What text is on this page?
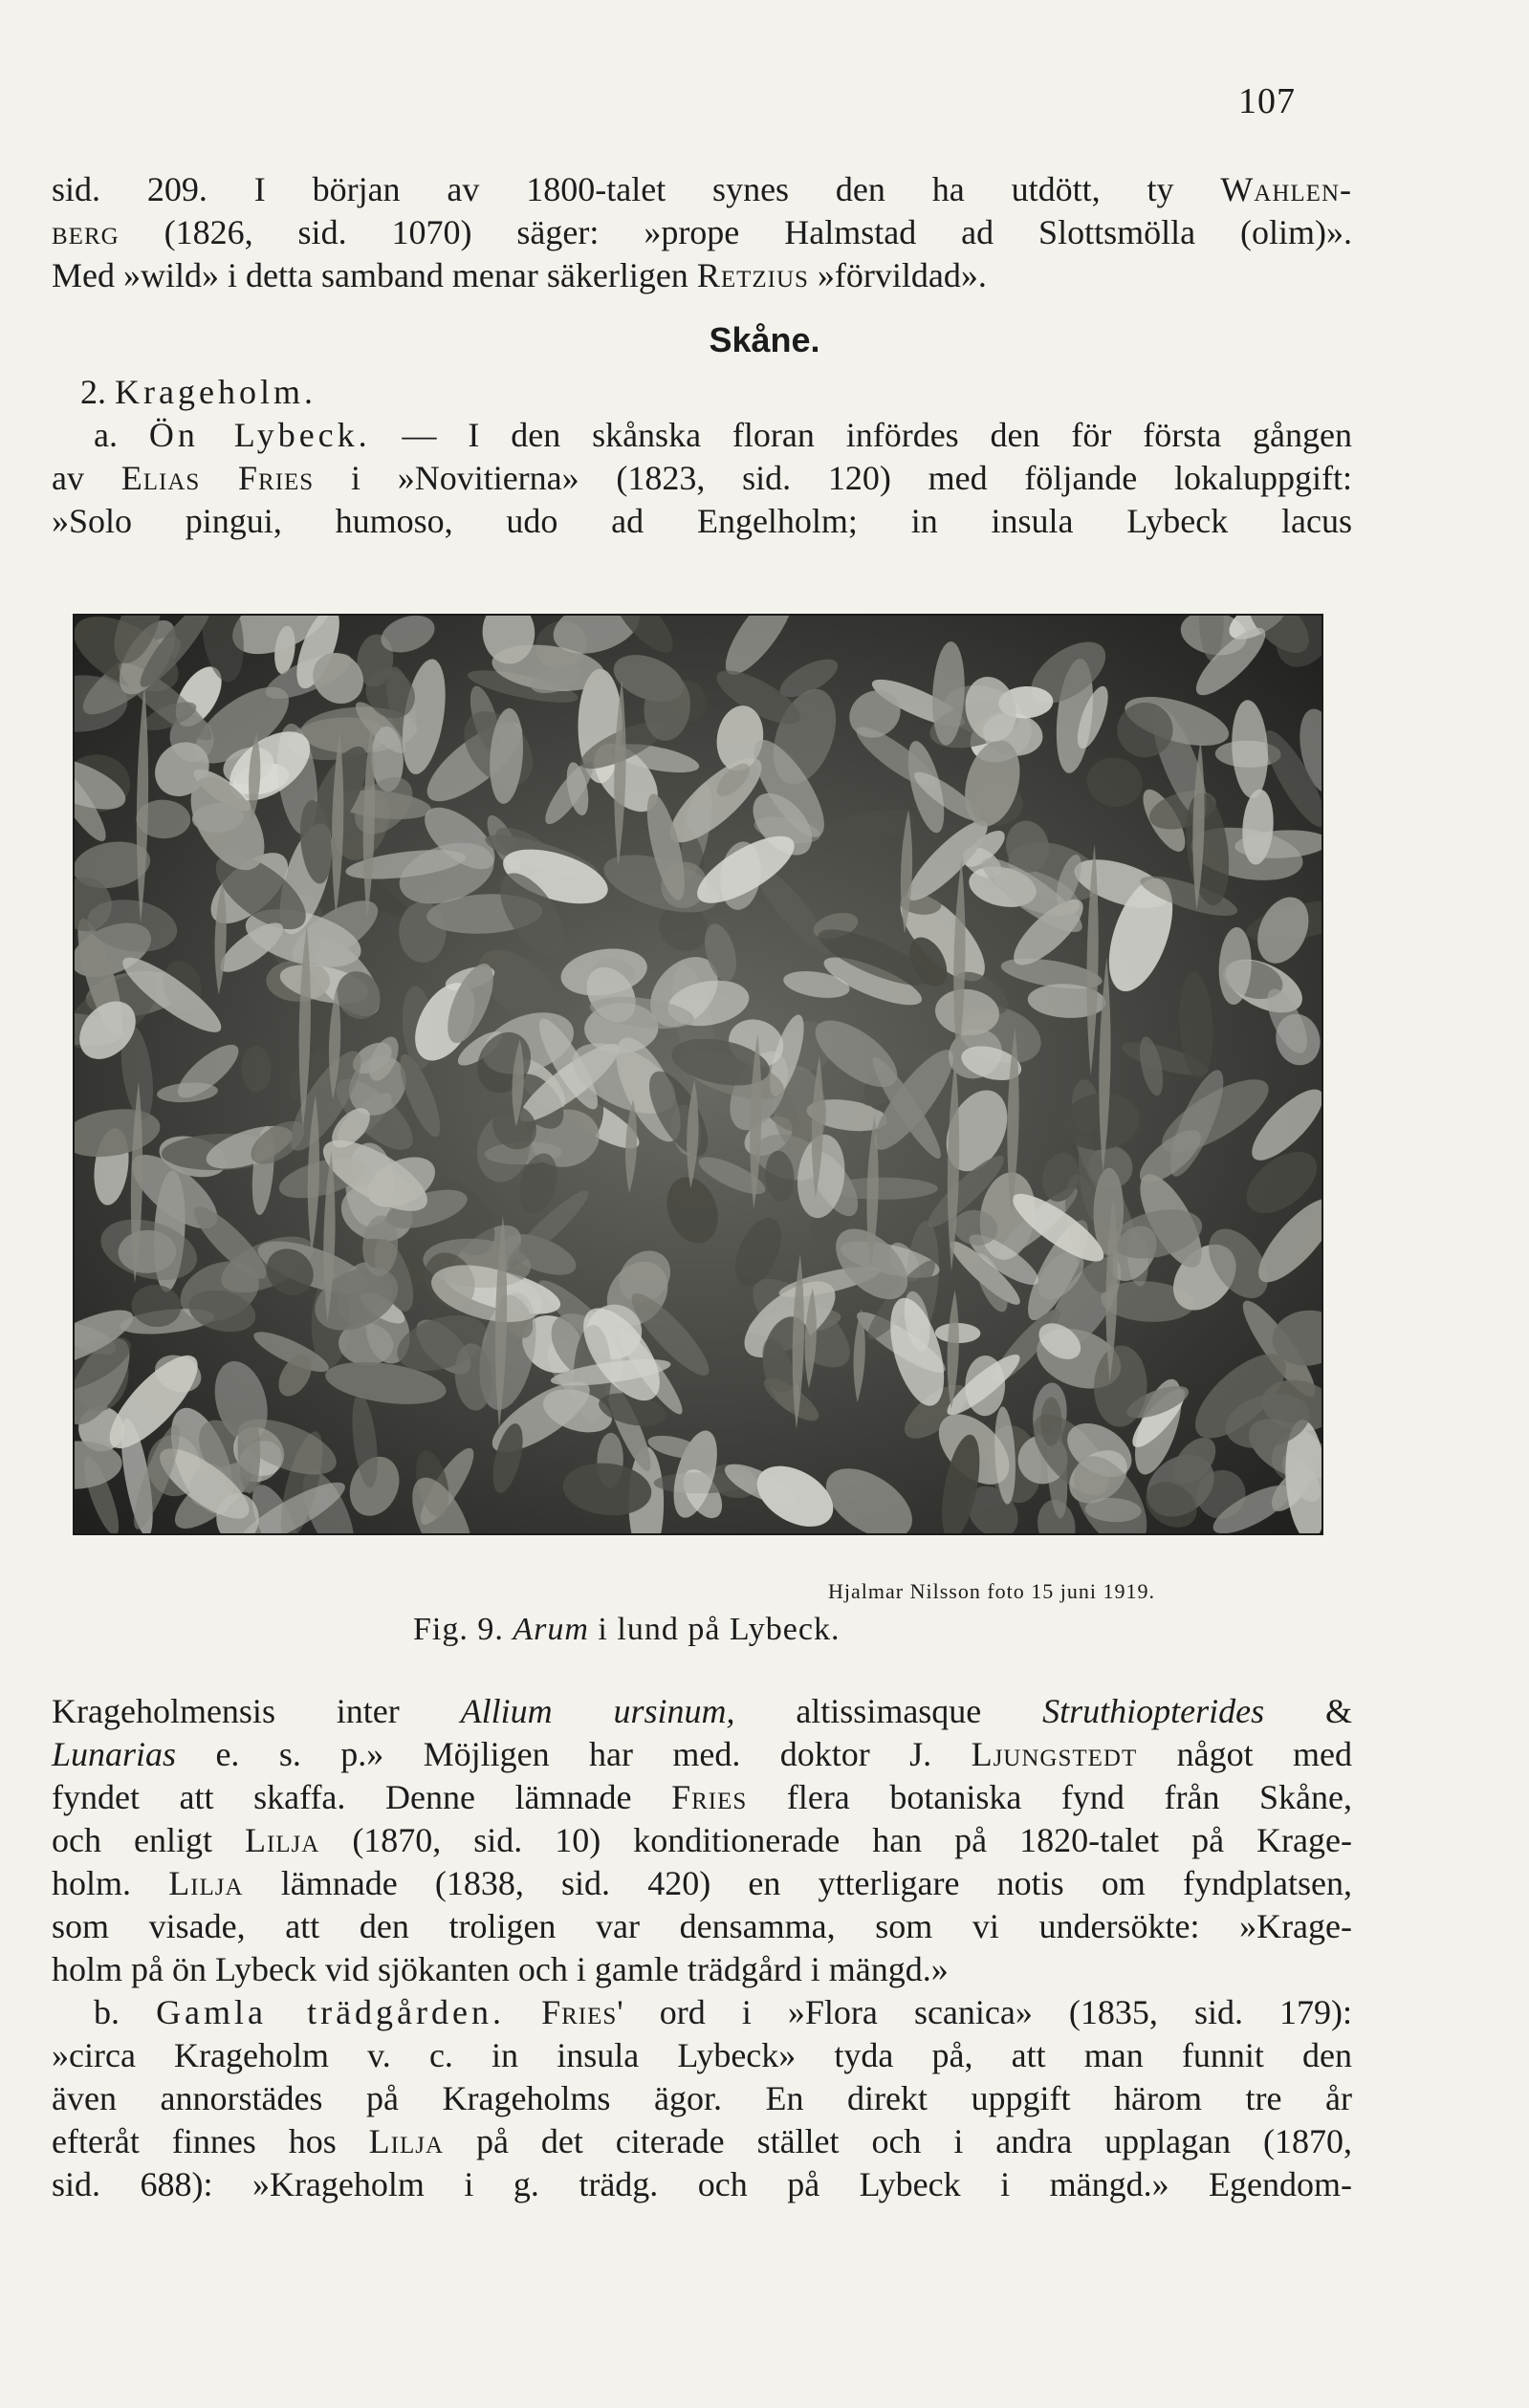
107
sid. 209. I början av 1800-talet synes den ha utdött, ty Wahlen-
berg (1826, sid. 1070) säger: »prope Halmstad ad Slottsmölla (olim)».
Med »wild» i detta samband menar säkerligen Retzius »förvildad».
Skåne.
2. Krageholm.
a. Ön Lybeck. — I den skånska floran infördes den för första gången
av Elias Fries i »Novitierna» (1823, sid. 120) med följande lokaluppgift:
»Solo pingui, humoso, udo ad Engelholm; in insula Lybeck lacus
Hjalmar Nilsson foto 15 juni 1919.
Fig. 9. Arum i lund på Lybeck.
Krageholmensis inter Allium ursinum, altissimasque Struthiopterides &
Lunarias e. s. p.» Möjligen har med. doktor J. Ljungstedt något med
fyndet att skaffa. Denne lämnade Fries flera botaniska fynd från Skåne,
och enligt Lilja (1870, sid. 10) konditionerade han på 1820-talet på Krage-
holm. Lilja lämnade (1838, sid. 420) en ytterligare notis om fyndplatsen,
som visade, att den troligen var densamma, som vi undersökte: »Krage-
holm på ön Lybeck vid sjökanten och i gamle trädgård i mängd.»
b. Gamla trädgården. Fries' ord i »Flora scanica» (1835, sid. 179):
»circa Krageholm v. c. in insula Lybeck» tyda på, att man funnit den
även annorstädes på Krageholms ägor. En direkt uppgift härom tre år
efteråt finnes hos Lilja på det citerade stället och i andra upplagan (1870,
sid. 688): »Krageholm i g. trädg. och på Lybeck i mängd.» Egendom-
